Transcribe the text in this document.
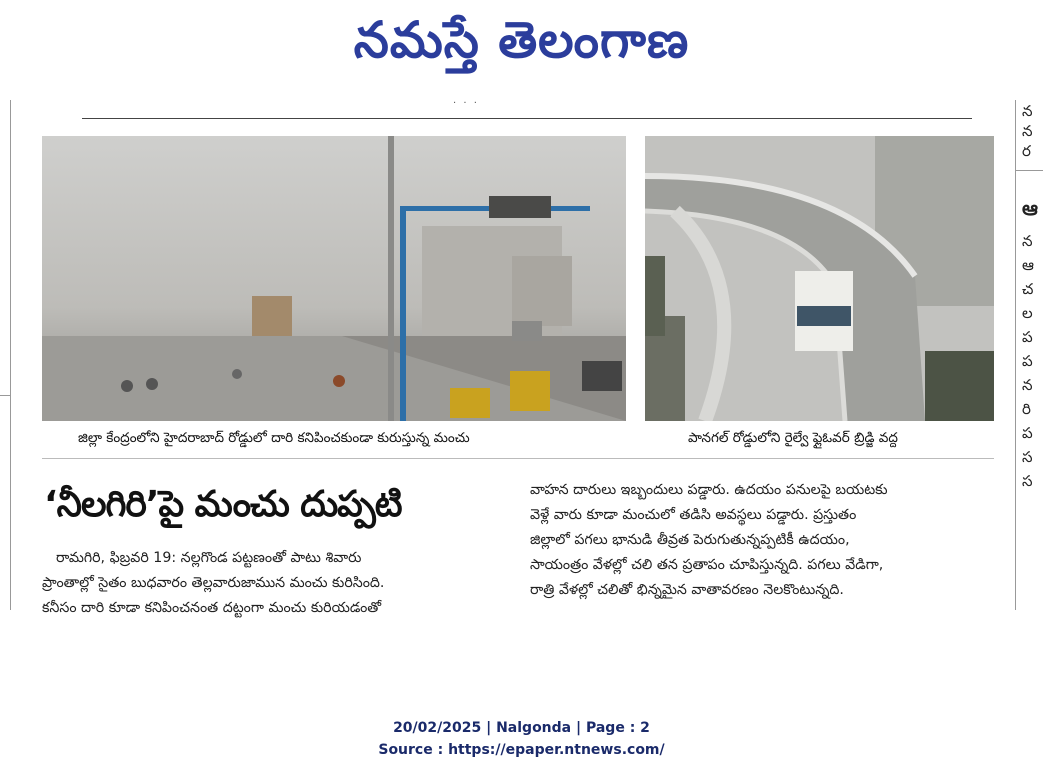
నమస్తే తెలంగాణ
· · ·
జిల్లా కేంద్రంలోని హైదరాబాద్ రోడ్డులో దారి కనిపించకుండా కురుస్తున్న మంచు	పానగల్ రోడ్డులోని రైల్వే ఫ్లైఓవర్ బ్రిడ్జి వద్ద
‘నీలగిరి’పై మంచు దుప్పటి

రామగిరి, ఫిబ్రవరి 19: నల్లగొండ పట్టణంతో పాటు శివారు

ప్రాంతాల్లో సైతం బుధవారం తెల్లవారుజామున మంచు కురిసింది.

కనీసం దారి కూడా కనిపించనంత దట్టంగా మంచు కురియడంతో

వాహన దారులు ఇబ్బందులు పడ్డారు. ఉదయం పనులపై బయటకు

వెళ్లే వారు కూడా మంచులో తడిసి అవస్థలు పడ్డారు. ప్రస్తుతం

జిల్లాలో పగలు భానుడి తీవ్రత పెరుగుతున్నప్పటికీ ఉదయం,

సాయంత్రం వేళల్లో చలి తన ప్రతాపం చూపిస్తున్నది. పగలు వేడిగా,

రాత్రి వేళల్లో చలితో భిన్నమైన వాతావరణం నెలకొంటున్నది.

న
న
ర
ఆ
న
ఆ
చ
ల
ప
ప
న
రి
ప
స
స
20/02/2025 | Nalgonda | Page : 2
Source : https://epaper.ntnews.com/
